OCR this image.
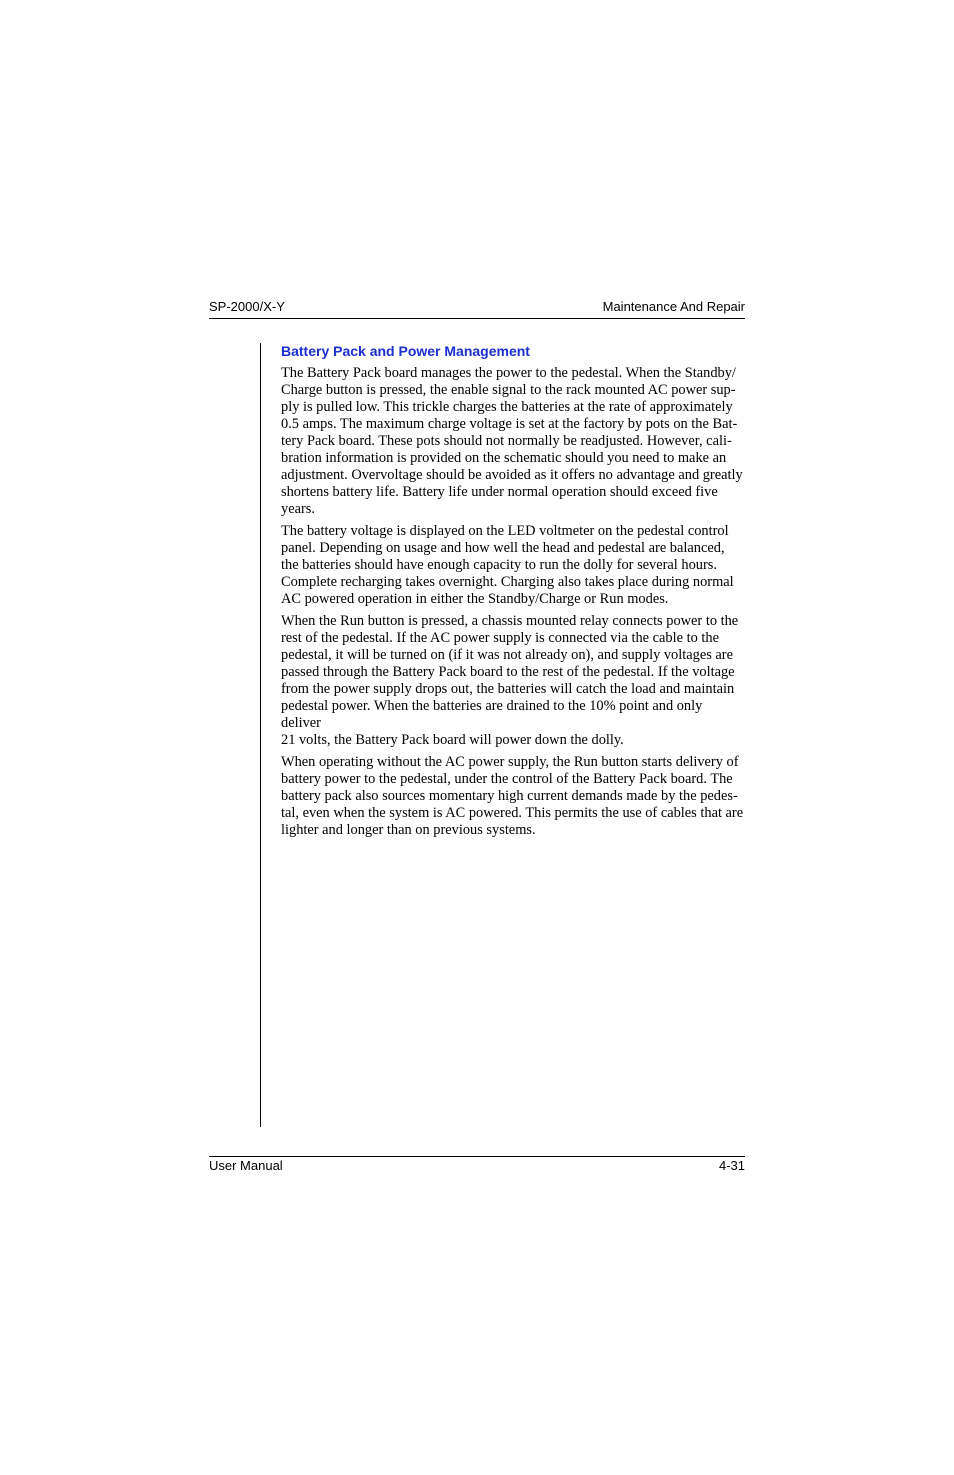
SP-2000/X-Y	Maintenance And Repair
Battery Pack and Power Management

The Battery Pack board manages the power to the pedestal. When the Standby/
Charge button is pressed, the enable signal to the rack mounted AC power sup-
ply is pulled low. This trickle charges the batteries at the rate of approximately
0.5 amps. The maximum charge voltage is set at the factory by pots on the Bat-
tery Pack board. These pots should not normally be readjusted. However, cali-
bration information is provided on the schematic should you need to make an
adjustment. Overvoltage should be avoided as it offers no advantage and greatly
shortens battery life. Battery life under normal operation should exceed five
years.

The battery voltage is displayed on the LED voltmeter on the pedestal control
panel. Depending on usage and how well the head and pedestal are balanced,
the batteries should have enough capacity to run the dolly for several hours.
Complete recharging takes overnight. Charging also takes place during normal
AC powered operation in either the Standby/Charge or Run modes.

When the Run button is pressed, a chassis mounted relay connects power to the
rest of the pedestal. If the AC power supply is connected via the cable to the
pedestal, it will be turned on (if it was not already on), and supply voltages are
passed through the Battery Pack board to the rest of the pedestal. If the voltage
from the power supply drops out, the batteries will catch the load and maintain
pedestal power. When the batteries are drained to the 10% point and only deliver
21 volts, the Battery Pack board will power down the dolly.

When operating without the AC power supply, the Run button starts delivery of
battery power to the pedestal, under the control of the Battery Pack board. The
battery pack also sources momentary high current demands made by the pedes-
tal, even when the system is AC powered. This permits the use of cables that are
lighter and longer than on previous systems.

User Manual	4-31
